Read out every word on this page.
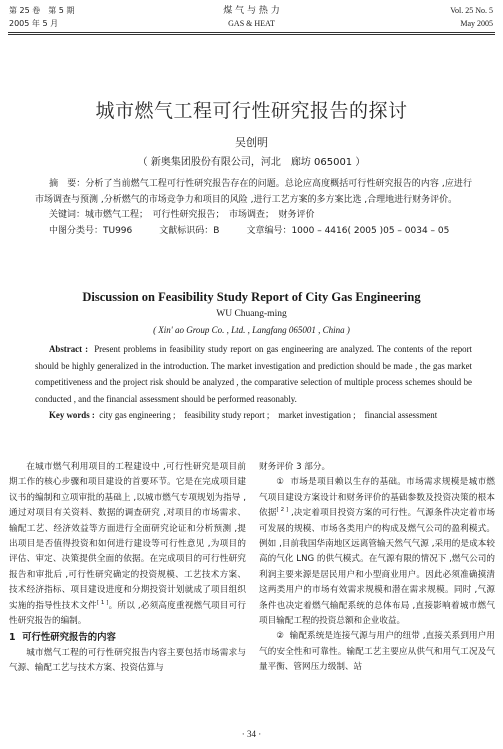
第 25 卷　第 5 期
2005 年 5 月
煤 气 与 热 力
GAS & HEAT
Vol. 25 No. 5
May 2005
城市燃气工程可行性研究报告的探讨
吴创明
（ 新奥集团股份有限公司，河北　廊坊 065001 ）

摘　要：分析了当前燃气工程可行性研究报告存在的问题。总论应高度概括可行性研究报告的内容 ,应进行市场调查与预测 ,分析燃气的市场竞争力和项目的风险 ,进行工艺方案的多方案比选 ,合理地进行财务评价。

关键词：城市燃气工程；　可行性研究报告；　市场调查；　财务评价

中图分类号：TU996　　　文献标识码：B　　　文章编号：1000 – 4416( 2005 )05 – 0034 – 05

Discussion on Feasibility Study Report of City Gas Engineering
WU Chuang-ming
( Xin' ao Group Co. , Ltd. , Langfang 065001 , China )

Abstract : Present problems in feasibility study report on gas engineering are analyzed. The contents of the report should be highly generalized in the introduction. The market investigation and prediction should be made , the gas market competitiveness and the project risk should be analyzed , the comparative selection of multiple process schemes should be conducted , and the financial assessment should be performed reasonably.

Key words : city gas engineering ;　feasibility study report ;　market investigation ;　financial assessment

在城市燃气利用项目的工程建设中 ,可行性研究是项目前期工作的核心步骤和项目建设的首要环节。它是在完成项目建议书的编制和立项审批的基础上 ,以城市燃气专项规划为指导 ,通过对项目有关资料、数据的调查研究 ,对项目的市场需求、输配工艺、经济效益等方面进行全面研究论证和分析预测 ,提出项目是否值得投资和如何进行建设等可行性意见 ,为项目的评估、审定、决策提供全面的依据。在完成项目的可行性研究报告和审批后 ,可行性研究确定的投资规模、工艺技术方案、技术经济指标、项目建设进度和分期投资计划就成了项目组织实施的指导性技术文件[ 1 ]。所以 ,必须高度重视燃气项目可行性研究报告的编制。

1 可行性研究报告的内容

城市燃气工程的可行性研究报告内容主要包括市场需求与气源、输配工艺与技术方案、投资估算与

财务评价 3 部分。

① 市场是项目赖以生存的基础。市场需求规模是城市燃气项目建设方案设计和财务评价的基础参数及投资决策的根本依据[ 2 ] ,决定着项目投资方案的可行性。气源条件决定着市场可发展的规模、市场各类用户的构成及燃气公司的盈利模式。例如 ,目前我国华南地区远离管输天然气气源 ,采用的是成本较高的气化 LNG 的供气模式。在气源有限的情况下 ,燃气公司的利润主要来源是居民用户和小型商业用户。因此必须准确摸清这两类用户的市场有效需求规模和潜在需求规模。同时 ,气源条件也决定着燃气输配系统的总体布局 ,直接影响着城市燃气项目输配工程的投资总额和企业收益。

② 输配系统是连接气源与用户的纽带 ,直接关系到用户用气的安全性和可靠性。输配工艺主要应从供气和用气工况及气量平衡、管网压力级制、站

· 34 ·
